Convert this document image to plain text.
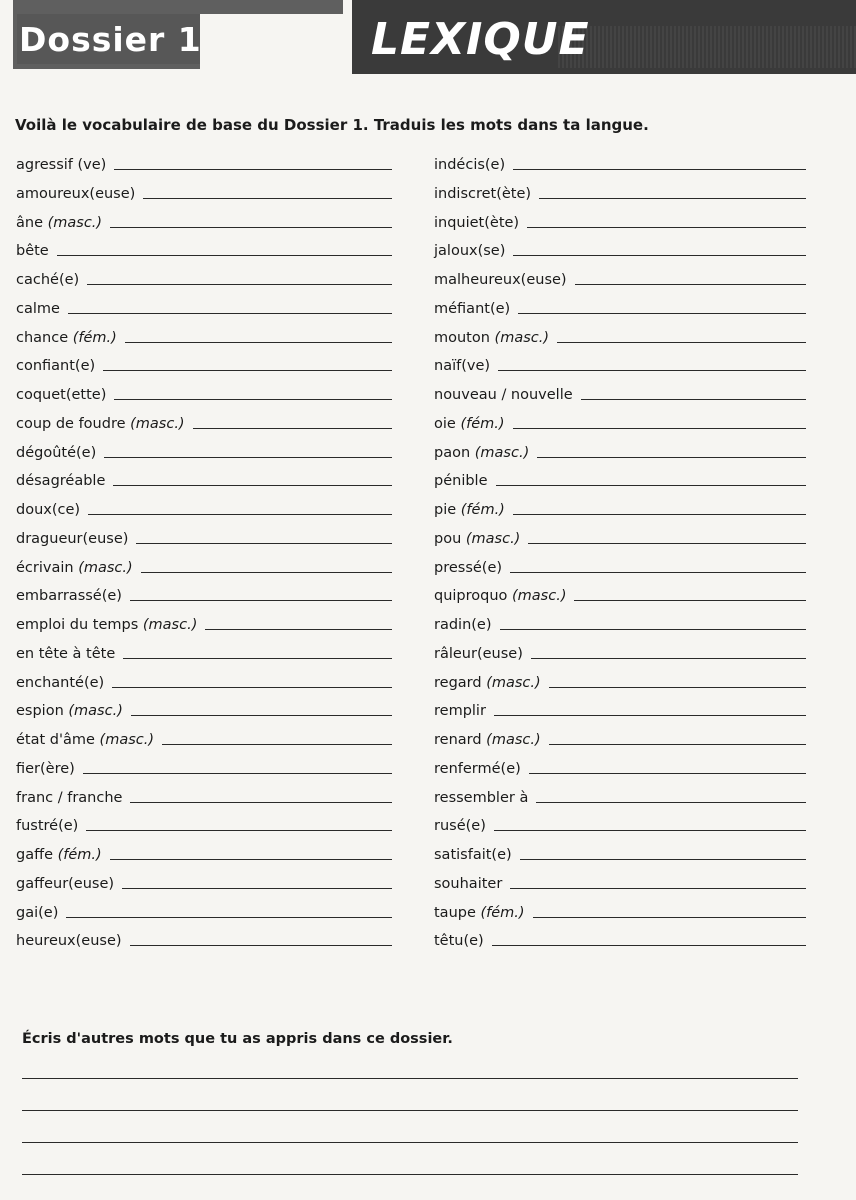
Dossier 1	LEXIQUE
Voilà le vocabulaire de base du Dossier 1. Traduis les mots dans ta langue.
agressif (ve)
amoureux(euse)
âne (masc.)
bête
caché(e)
calme
chance (fém.)
confiant(e)
coquet(ette)
coup de foudre (masc.)
dégoûté(e)
désagréable
doux(ce)
dragueur(euse)
écrivain (masc.)
embarrassé(e)
emploi du temps (masc.)
en tête à tête
enchanté(e)
espion (masc.)
état d'âme (masc.)
fier(ère)
franc / franche
fustré(e)
gaffe (fém.)
gaffeur(euse)
gai(e)
heureux(euse)
indécis(e)
indiscret(ète)
inquiet(ète)
jaloux(se)
malheureux(euse)
méfiant(e)
mouton (masc.)
naïf(ve)
nouveau / nouvelle
oie (fém.)
paon (masc.)
pénible
pie (fém.)
pou (masc.)
pressé(e)
quiproquo (masc.)
radin(e)
râleur(euse)
regard (masc.)
remplir
renard (masc.)
renfermé(e)
ressembler à
rusé(e)
satisfait(e)
souhaiter
taupe (fém.)
têtu(e)
Écris d'autres mots que tu as appris dans ce dossier.
